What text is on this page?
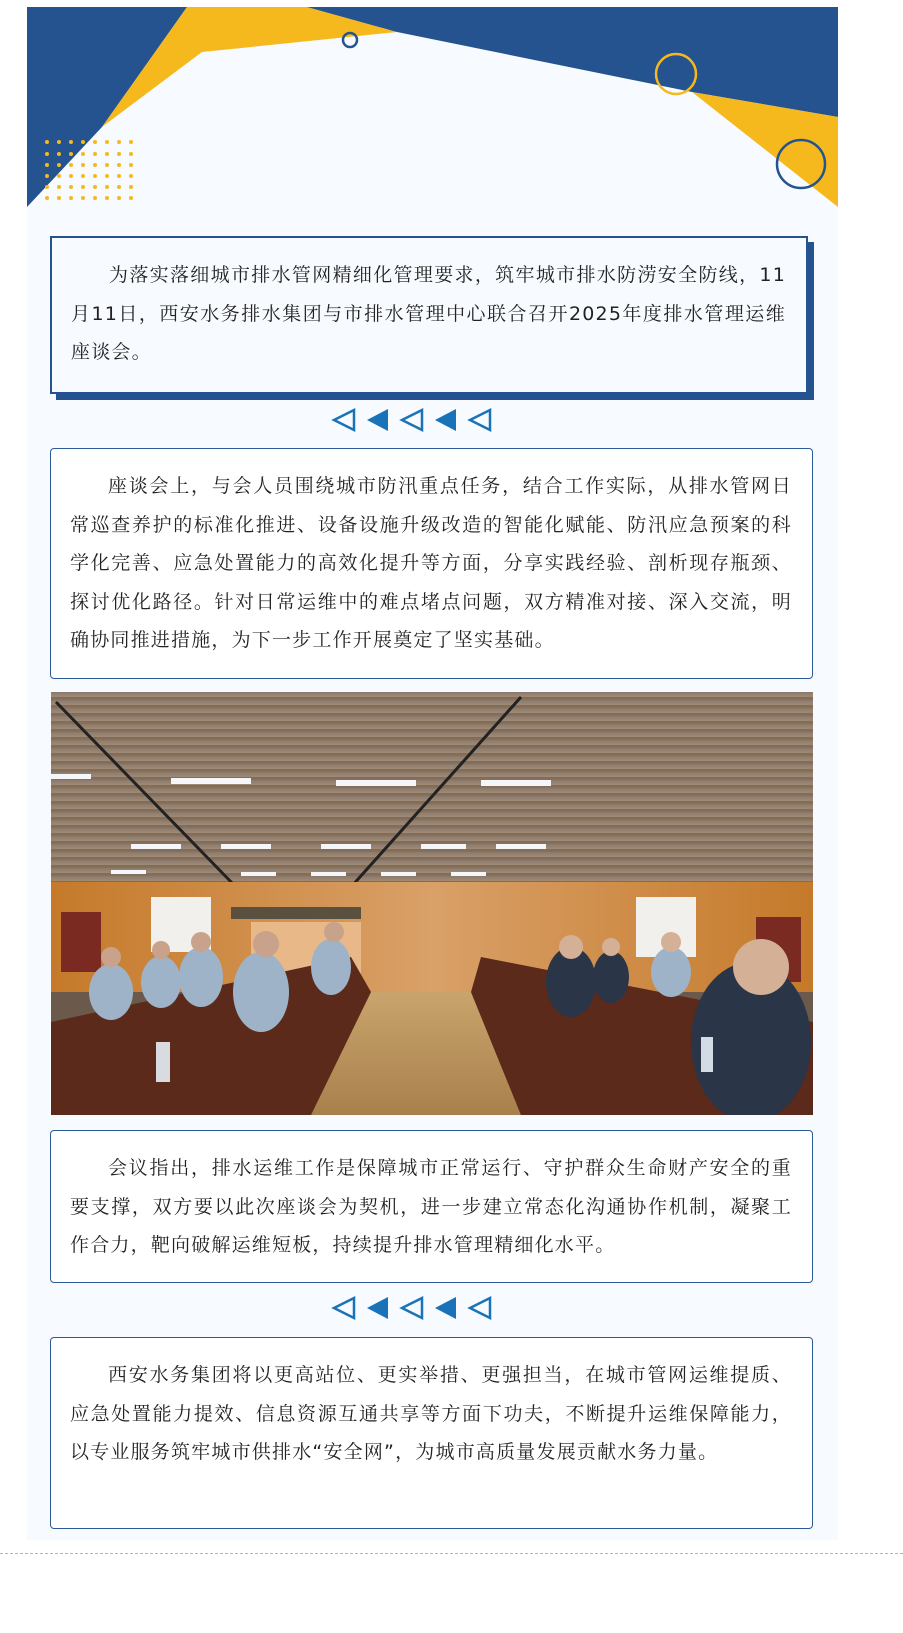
为落实落细城市排水管网精细化管理要求，筑牢城市排水防涝安全防线，11月11日，西安水务排水集团与市排水管理中心联合召开2025年度排水管理运维座谈会。

座谈会上，与会人员围绕城市防汛重点任务，结合工作实际，从排水管网日常巡查养护的标准化推进、设备设施升级改造的智能化赋能、防汛应急预案的科学化完善、应急处置能力的高效化提升等方面，分享实践经验、剖析现存瓶颈、探讨优化路径。针对日常运维中的难点堵点问题，双方精准对接、深入交流，明确协同推进措施，为下一步工作开展奠定了坚实基础。

会议指出，排水运维工作是保障城市正常运行、守护群众生命财产安全的重要支撑，双方要以此次座谈会为契机，进一步建立常态化沟通协作机制，凝聚工作合力，靶向破解运维短板，持续提升排水管理精细化水平。

西安水务集团将以更高站位、更实举措、更强担当，在城市管网运维提质、应急处置能力提效、信息资源互通共享等方面下功夫，不断提升运维保障能力，以专业服务筑牢城市供排水“安全网”，为城市高质量发展贡献水务力量。
